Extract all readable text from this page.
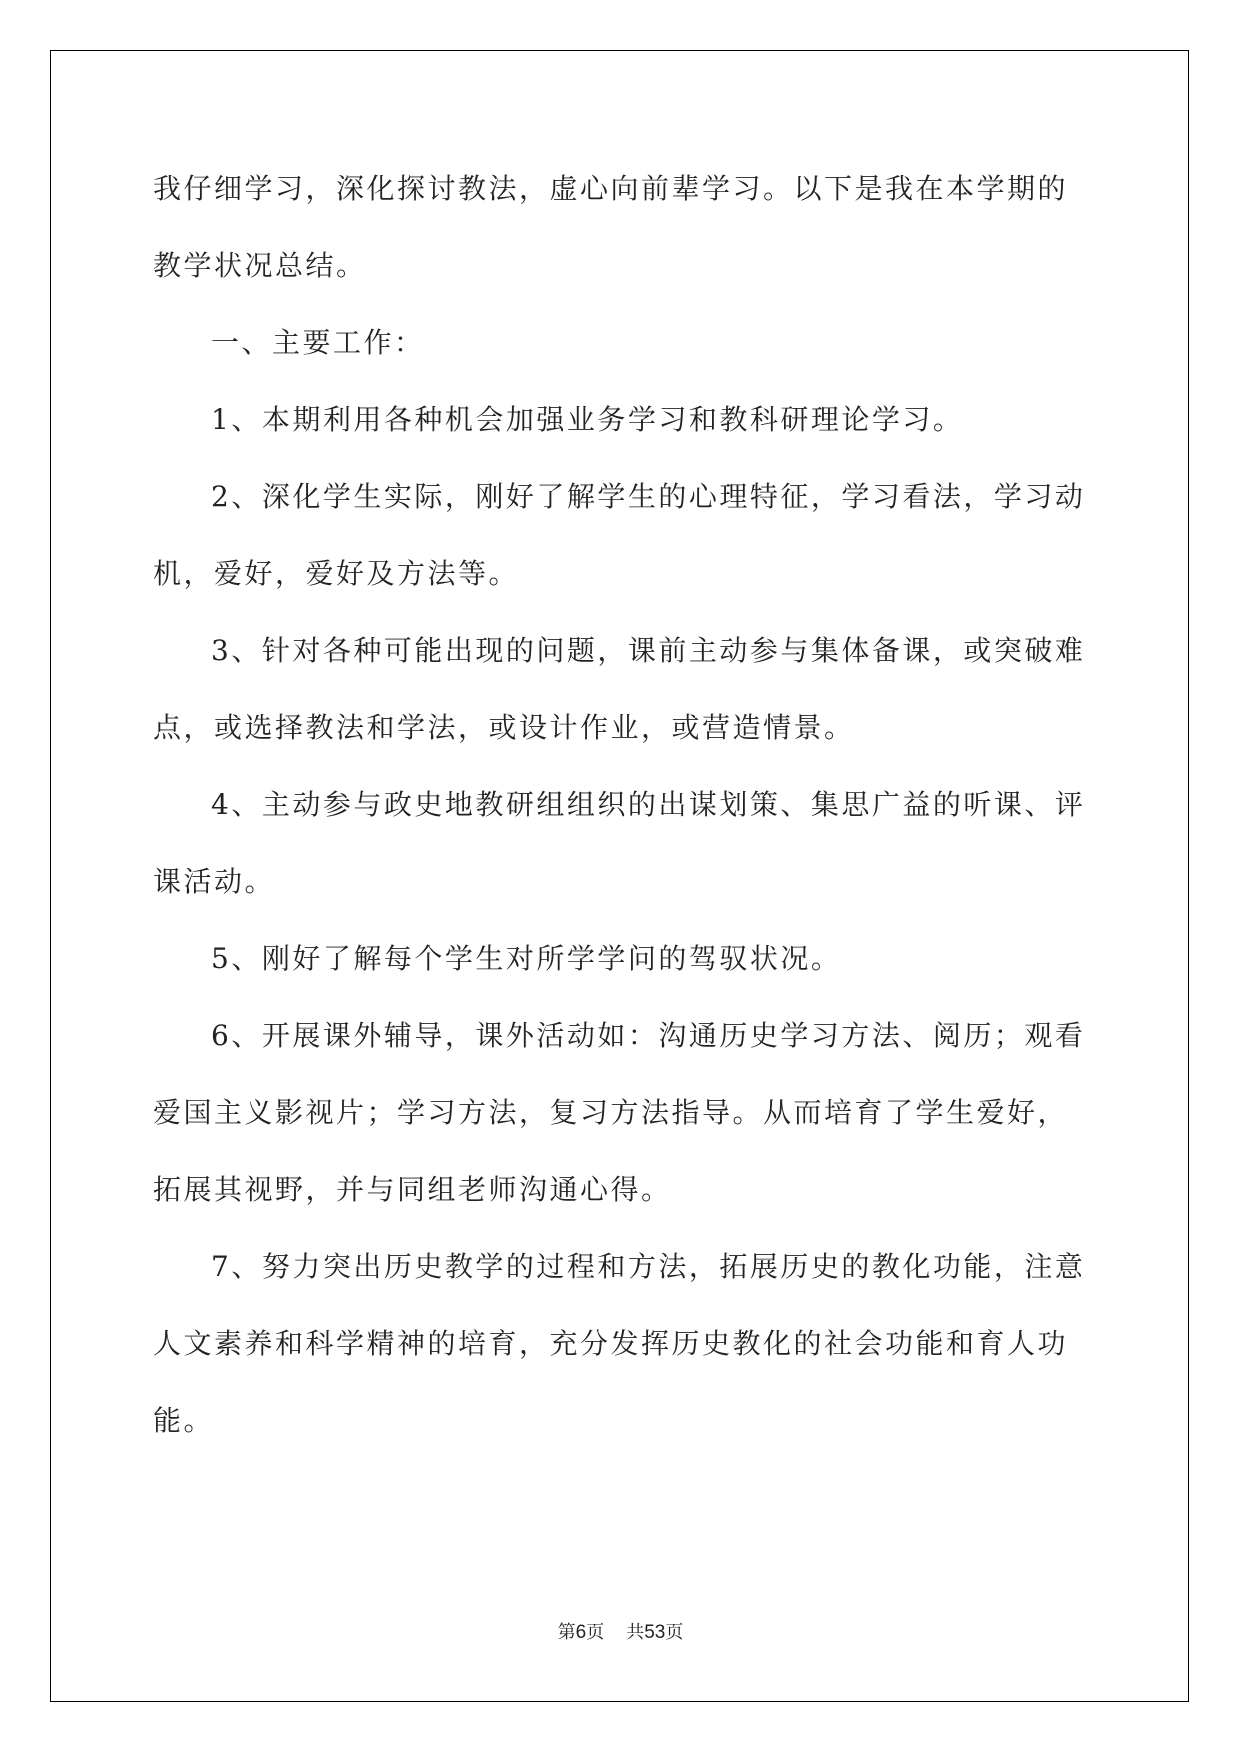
我仔细学习，深化探讨教法，虚心向前辈学习。以下是我在本学期的
教学状况总结。
一、主要工作：
1、本期利用各种机会加强业务学习和教科研理论学习。
2、深化学生实际，刚好了解学生的心理特征，学习看法，学习动
机，爱好，爱好及方法等。
3、针对各种可能出现的问题，课前主动参与集体备课，或突破难
点，或选择教法和学法，或设计作业，或营造情景。
4、主动参与政史地教研组组织的出谋划策、集思广益的听课、评
课活动。
5、刚好了解每个学生对所学学问的驾驭状况。
6、开展课外辅导，课外活动如：沟通历史学习方法、阅历；观看
爱国主义影视片；学习方法，复习方法指导。从而培育了学生爱好，
拓展其视野，并与同组老师沟通心得。
7、努力突出历史教学的过程和方法，拓展历史的教化功能，注意
人文素养和科学精神的培育，充分发挥历史教化的社会功能和育人功
能。
第6页 共53页
